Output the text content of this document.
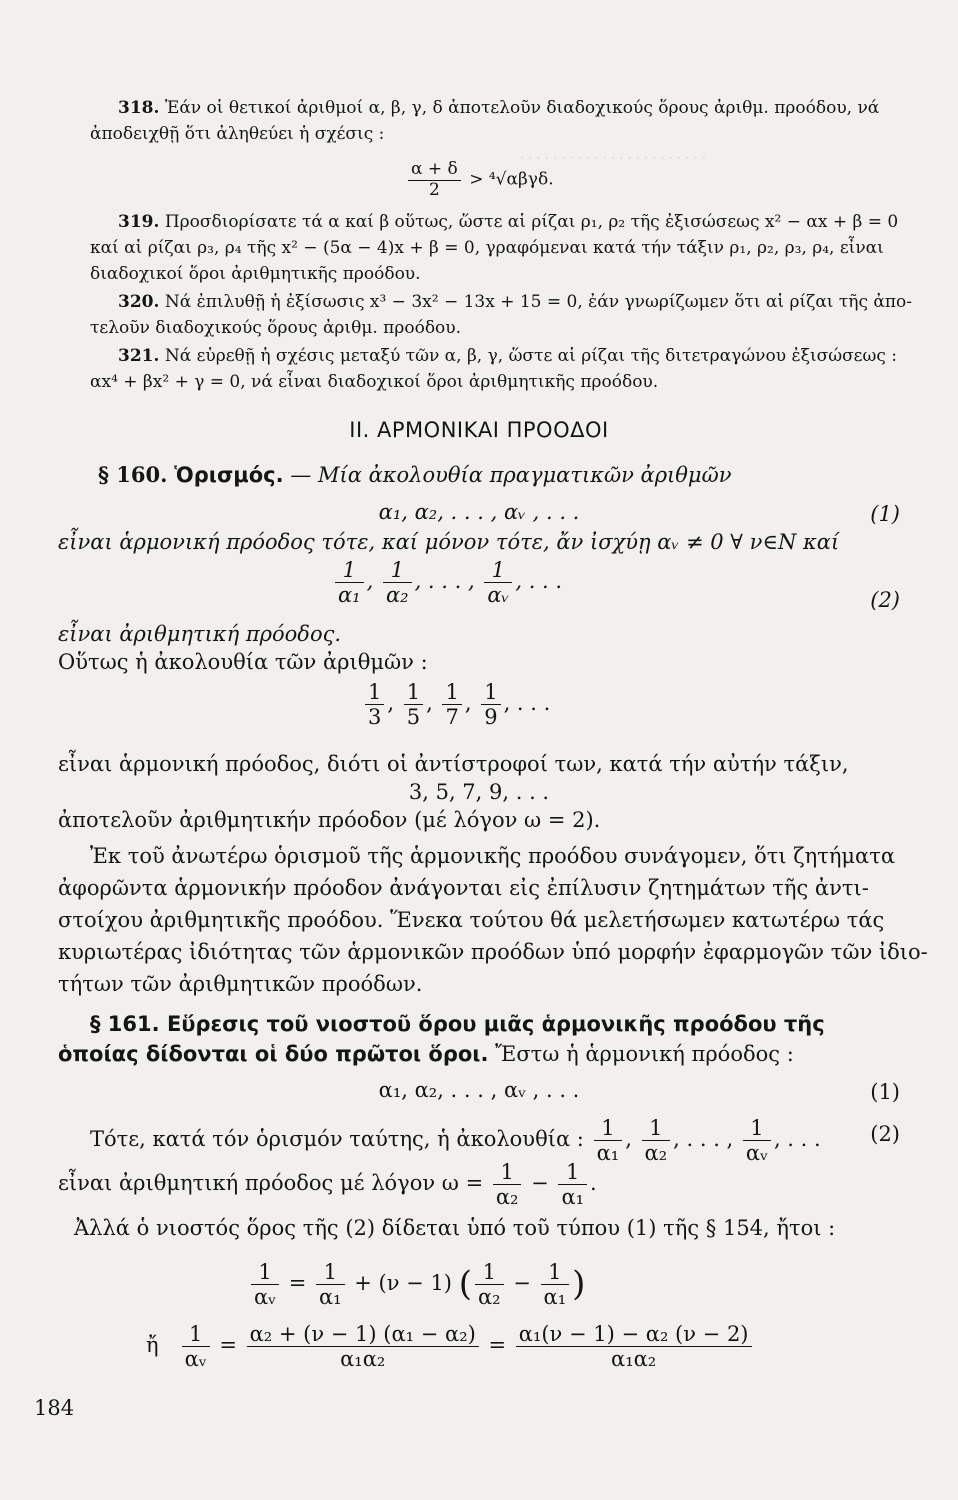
· · · · · · · · · · · · · · · · · · · · · · ·
318. Ἐάν οἱ θετικοί ἀριθμοί α, β, γ, δ ἀποτελοῦν διαδοχικούς ὅρους ἀριθμ. προόδου, νά
ἀποδειχθῇ ὅτι ἀληθεύει ἡ σχέσις :
$\frac{\alpha + \delta}{2} > ^4√\alpha\beta\gamma\delta$.
319. Προσδιορίσατε τά α καί β οὕτως, ὥστε αἱ ρίζαι ρ₁, ρ₂ τῆς ἐξισώσεως x² − αx + β = 0
καί αἱ ρίζαι ρ₃, ρ₄ τῆς x² − (5α − 4)x + β = 0, γραφόμεναι κατά τήν τάξιν ρ₁, ρ₂, ρ₃, ρ₄, εἶναι
διαδοχικοί ὅροι ἀριθμητικῆς προόδου.
320. Νά ἐπιλυθῇ ἡ ἐξίσωσις x³ − 3x² − 13x + 15 = 0, ἐάν γνωρίζωμεν ὅτι αἱ ρίζαι τῆς ἀπο-
τελοῦν διαδοχικούς ὅρους ἀριθμ. προόδου.
321. Νά εὑρεθῇ ἡ σχέσις μεταξύ τῶν α, β, γ, ὥστε αἱ ρίζαι τῆς διτετραγώνου ἐξισώσεως :
αx⁴ + βx² + γ = 0, νά εἶναι διαδοχικοί ὅροι ἀριθμητικῆς προόδου.
II. ΑΡΜΟΝΙΚΑΙ ΠΡΟΟΔΟΙ
§ 160. Ὁρισμός. — Μία ἀκολουθία πραγματικῶν ἀριθμῶν
α₁, α₂, . . . , αᵥ , . . .	(1)
εἶναι ἁρμονική πρόοδος τότε, καί μόνον τότε, ἄν ἰσχύῃ αᵥ ≠ 0 ∀ ν∈N καί
$\frac{1}{\text{α₁}}$ , $\frac{1}{\text{α₂}}$ , . . . , $\frac{1}{\text{αᵥ}}$ , . . .
(2)
εἶναι ἀριθμητική πρόοδος.
Οὕτως ἡ ἀκολουθία τῶν ἀριθμῶν :
$\frac{1}{3}$ , $\frac{1}{5}$ , $\frac{1}{7}$ , $\frac{1}{9}$ , . . .
εἶναι ἁρμονική πρόοδος, διότι οἱ ἀντίστροφοί των, κατά τήν αὐτήν τάξιν,
3, 5, 7, 9, . . .
ἀποτελοῦν ἀριθμητικήν πρόοδον (μέ λόγον ω = 2).
Ἐκ τοῦ ἀνωτέρω ὁρισμοῦ τῆς ἁρμονικῆς προόδου συνάγομεν, ὅτι ζητήματα
ἀφορῶντα ἁρμονικήν πρόοδον ἀνάγονται εἰς ἐπίλυσιν ζητημάτων τῆς ἀντι-
στοίχου ἀριθμητικῆς προόδου. Ἕνεκα τούτου θά μελετήσωμεν κατωτέρω τάς
κυριωτέρας ἰδιότητας τῶν ἁρμονικῶν προόδων ὑπό μορφήν ἐφαρμογῶν τῶν ἰδιο-
τήτων τῶν ἀριθμητικῶν προόδων.
§ 161. Εὕρεσις τοῦ νιοστοῦ ὅρου μιᾶς ἁρμονικῆς προόδου τῆς
ὁποίας δίδονται οἱ δύο πρῶτοι ὅροι. Ἔστω ἡ ἁρμονική πρόοδος :
α₁, α₂, . . . , αᵥ , . . .	(1)
Τότε, κατά τόν ὁρισμόν ταύτης, ἡ ἀκολουθία : $\frac{1}{\text{α₁}}$ , $\frac{1}{\text{α₂}}$ , . . . , $\frac{1}{\text{αᵥ}}$ , . . .	(2)
εἶναι ἀριθμητική πρόοδος μέ λόγον $\omega = \frac{1}{\text{α₂}} - \frac{1}{\text{α₁}}$ .
Ἀλλά ὁ νιοστός ὅρος τῆς (2) δίδεται ὑπό τοῦ τύπου (1) τῆς § 154, ἤτοι :
$\frac{1}{\text{αᵥ}} = \frac{1}{\text{α₁}} + (\nu - 1)$ ( $\frac{1}{\text{α₂}} - \frac{1}{\text{α₁}}$ )
ἤ $\frac{1}{\text{αᵥ}} = \frac{\text{α₂ + (ν − 1) (α₁ − α₂)}}{\text{α₁α₂}} = \frac{\text{α₁(ν − 1) − α₂ (ν − 2)}}{\text{α₁α₂}}$
184
